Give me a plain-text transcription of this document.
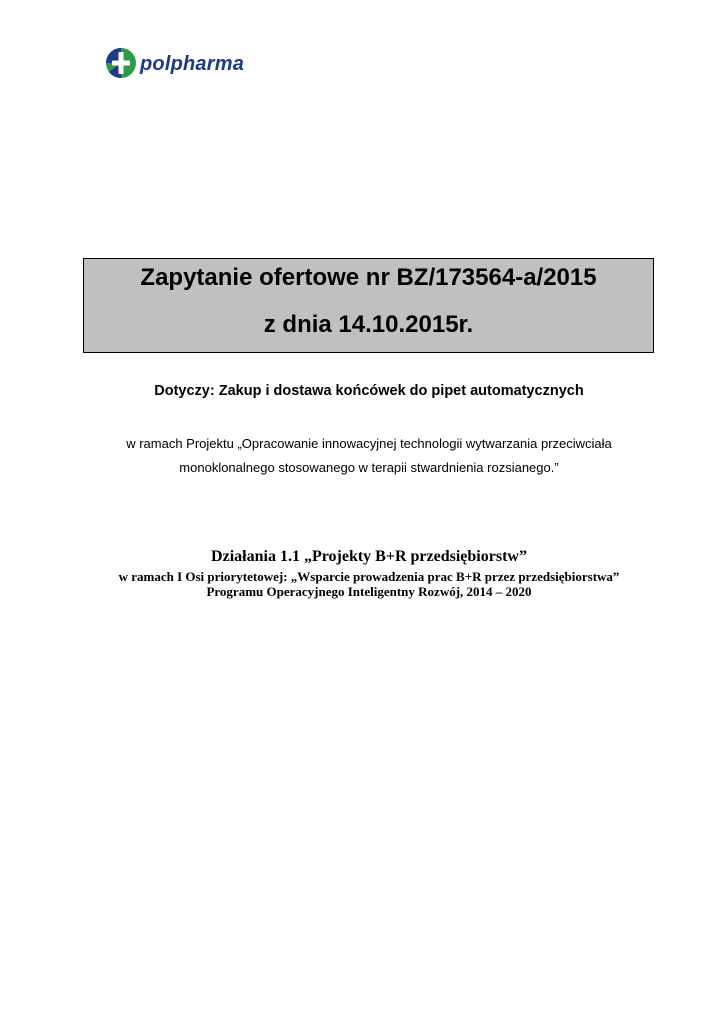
polpharma
Zapytanie ofertowe nr BZ/173564-a/2015
z dnia 14.10.2015r.
Dotyczy: Zakup i dostawa końcówek do pipet automatycznych
w ramach Projektu „Opracowanie innowacyjnej technologii wytwarzania przeciwciała
monoklonalnego stosowanego w terapii stwardnienia rozsianego.”
Działania 1.1 „Projekty B+R przedsiębiorstw”
w ramach I Osi priorytetowej: „Wsparcie prowadzenia prac B+R przez przedsiębiorstwa”
Programu Operacyjnego Inteligentny Rozwój, 2014 – 2020
